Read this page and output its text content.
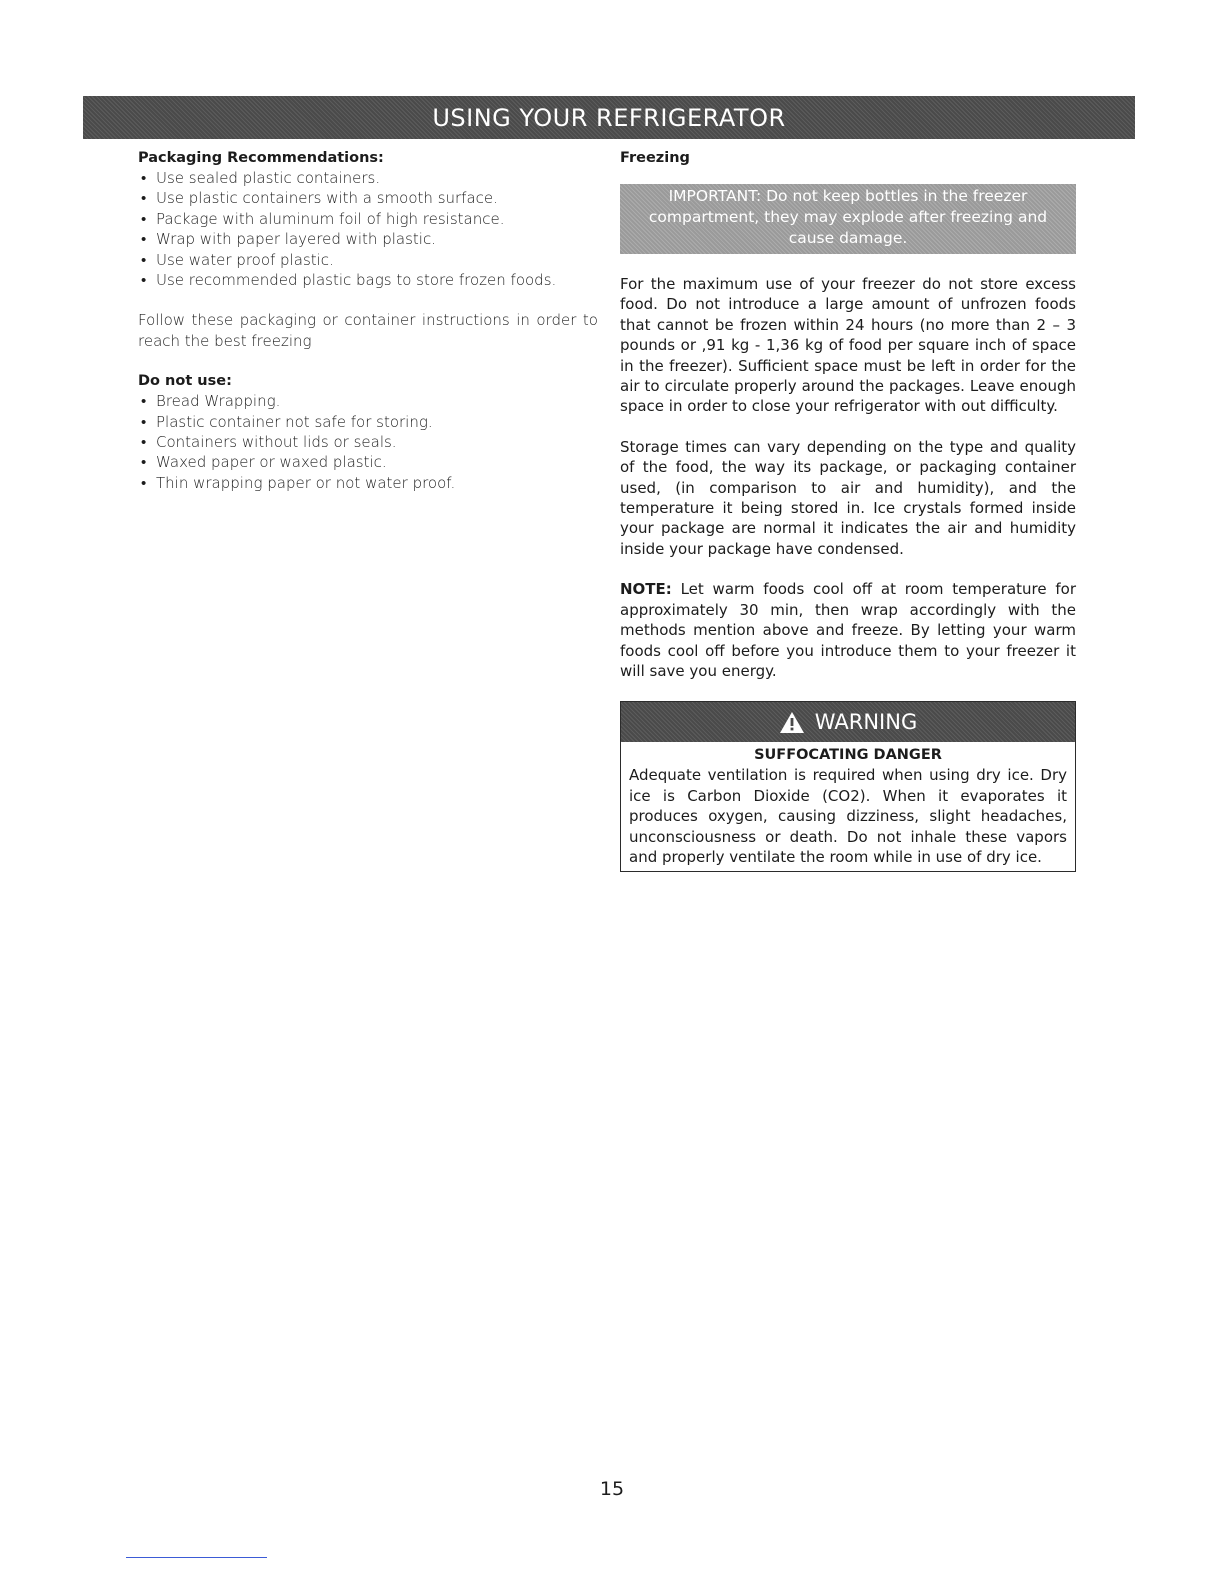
USING YOUR REFRIGERATOR

Packaging Recommendations:

• Use sealed plastic containers.
• Use plastic containers with a smooth surface.
• Package with aluminum foil of high resistance.
• Wrap with paper layered with plastic.
• Use water proof plastic.
• Use recommended plastic bags to store frozen foods.

Follow these packaging or container instructions in order to reach the best freezing

Do not use:

• Bread Wrapping.
• Plastic container not safe for storing.
• Containers without lids or seals.
• Waxed paper or waxed plastic.
• Thin wrapping paper or not water proof.

Freezing

IMPORTANT: Do not keep bottles in the freezer compartment, they may explode after freezing and cause damage.

For the maximum use of your freezer do not store excess food. Do not introduce a large amount of unfrozen foods that cannot be frozen within 24 hours (no more than 2 – 3 pounds or ,91 kg - 1,36 kg of food per square inch of space in the freezer). Sufficient space must be left in order for the air to circulate properly around the packages. Leave enough space in order to close your refrigerator with out difficulty.

Storage times can vary depending on the type and quality of the food, the way its package, or packaging container used, (in comparison to air and humidity), and the temperature it being stored in. Ice crystals formed inside your package are normal it indicates the air and humidity inside your package have condensed.

NOTE: Let warm foods cool off at room temperature for approximately 30 min, then wrap accordingly with the methods mention above and freeze. By letting your warm foods cool off before you introduce them to your freezer it will save you energy.

WARNING
SUFFOCATING DANGER

Adequate ventilation is required when using dry ice. Dry ice is Carbon Dioxide (CO2). When it evaporates it produces oxygen, causing dizziness, slight headaches, unconsciousness or death. Do not inhale these vapors and properly ventilate the room while in use of dry ice.

15
